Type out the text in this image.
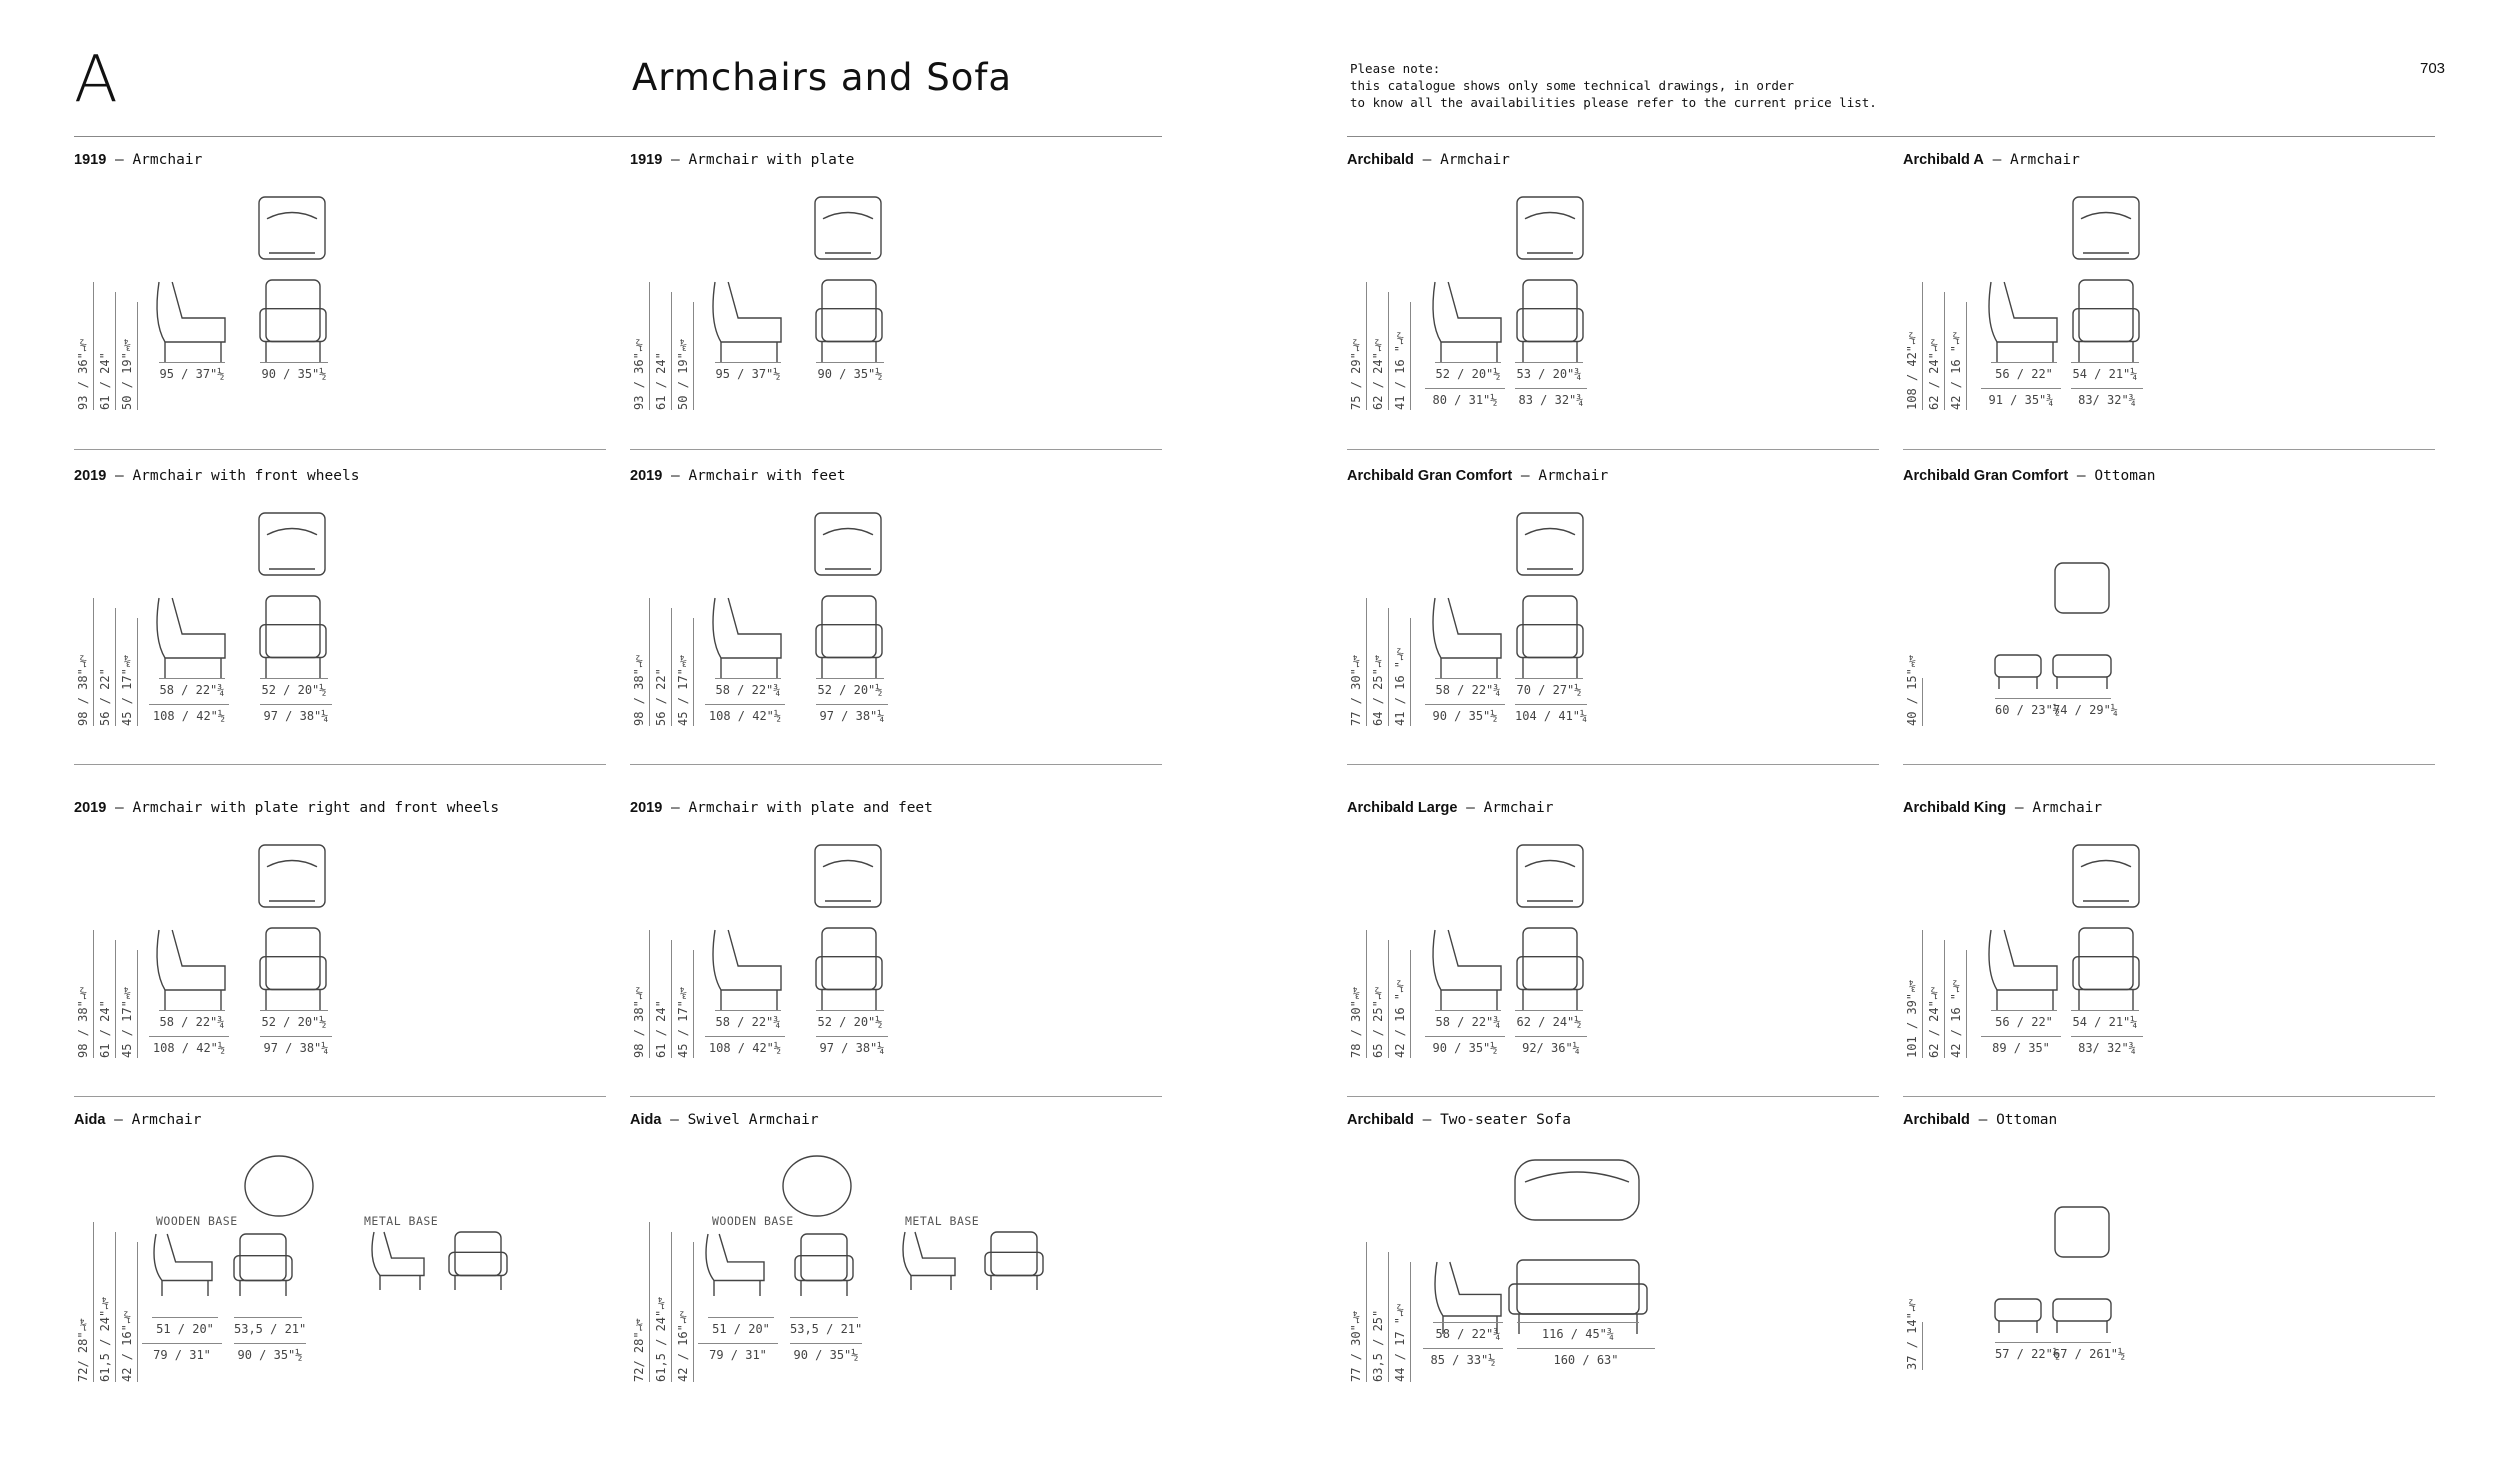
A	Armchairs and Sofa	Please note:
this catalogue shows only some technical drawings, in order
to know all the availabilities please refer to the current price list.
703
1919 — Armchair
93 / 36"½ 61 / 24" 50 / 19"¾	95 / 37"½	90 / 35"½
1919 — Armchair with plate
93 / 36"½ 61 / 24" 50 / 19"¾	95 / 37"½	90 / 35"½
Archibald — Armchair
75 / 29"½ 62 / 24"½ 41 / 16 "½	52 / 20"½ 53 / 20"¾
80 / 31"½	83 / 32"¾
Archibald A — Armchair
108 / 42"½ 62 / 24"½ 42 / 16 "½	56 / 22"	54 / 21"¼
91 / 35"¾	83/ 32"¾
2019 — Armchair with front wheels
98 / 38"½ 56 / 22" 45 / 17"¾	58 / 22"¾	52 / 20"½
108 / 42"½	97 / 38"¼
2019 — Armchair with feet
98 / 38"½ 56 / 22" 45 / 17"¾	58 / 22"¾	52 / 20"½
108 / 42"½	97 / 38"¼
Archibald Gran Comfort — Armchair
77 / 30"¼ 64 / 25"¼ 41 / 16 "½	58 / 22"¾ 70 / 27"½
90 / 35"½	104 / 41"¼
Archibald Gran Comfort — Ottoman
40 / 15"¾	60 / 23"½
74 / 29"¼
2019 — Armchair with plate right and front wheels
98 / 38"½ 61 / 24" 45 / 17"¾	58 / 22"¾	52 / 20"½
108 / 42"½	97 / 38"¼
2019 — Armchair with plate and feet
98 / 38"½ 61 / 24" 45 / 17"¾	58 / 22"¾	52 / 20"½
108 / 42"½	97 / 38"¼
Archibald Large — Armchair
78 / 30"¾ 65 / 25"½ 42 / 16 "½	58 / 22"¾ 62 / 24"½
90 / 35"½	92/ 36"¼
Archibald King — Armchair
101 / 39"¾ 62 / 24"½ 42 / 16 "½	56 / 22"	54 / 21"¼
89 / 35"	83/ 32"¾
Aida — Armchair
72/ 28"¼ 61,5 / 24"¼ 42 / 16"½	51 / 20"	53,5 / 21"
79 / 31"	90 / 35"½
WOODEN BASE	METAL BASE
Aida — Swivel Armchair
72/ 28"¼ 61,5 / 24"¼ 42 / 16"½	51 / 20"	53,5 / 21"
79 / 31"	90 / 35"½
WOODEN BASE	METAL BASE
Archibald — Two-seater Sofa
77 / 30"¼ 63,5 / 25" 44 / 17 "½	58 / 22"¾	116 / 45"¾
85 / 33"½	160 / 63"
Archibald — Ottoman
37 / 14"½	57 / 22"½
67 / 261"½
